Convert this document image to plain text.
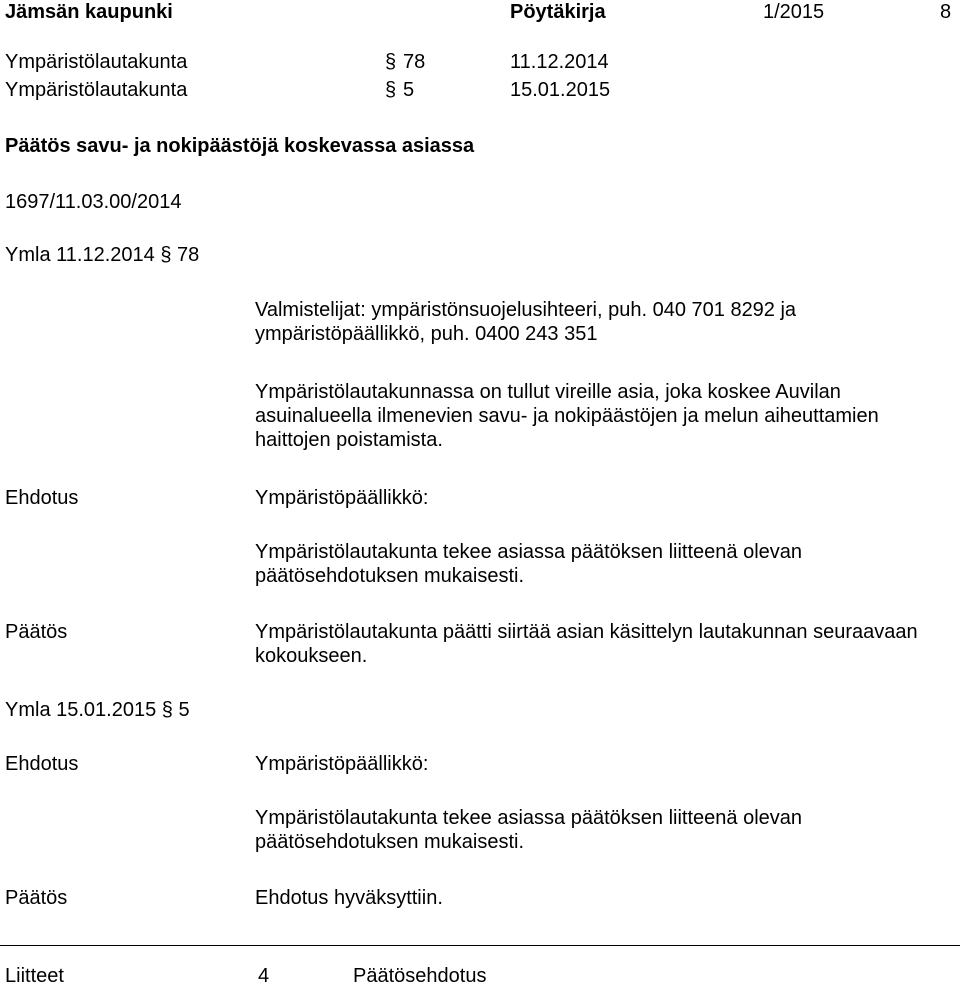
Jämsän kaupunki	Pöytäkirja	1/2015	8
Ympäristölautakunta	§ 78	11.12.2014
Ympäristölautakunta	§ 5	15.01.2015
Päätös savu- ja nokipäästöjä koskevassa asiassa
1697/11.03.00/2014
Ymla 11.12.2014 § 78
Valmistelijat: ympäristönsuojelusihteeri, puh. 040 701 8292 ja ympäristöpäällikkö, puh. 0400 243 351
Ympäristölautakunnassa on tullut vireille asia, joka koskee Auvilan asuinalueella ilmenevien savu- ja nokipäästöjen ja melun aiheuttamien haittojen poistamista.
Ehdotus	Ympäristöpäällikkö:
Ympäristölautakunta tekee asiassa päätöksen liitteenä olevan päätösehdotuksen mukaisesti.
Päätös	Ympäristölautakunta päätti siirtää asian käsittelyn lautakunnan seuraavaan kokoukseen.
Ymla 15.01.2015 § 5
Ehdotus	Ympäristöpäällikkö:
Ympäristölautakunta tekee asiassa päätöksen liitteenä olevan päätösehdotuksen mukaisesti.
Päätös	Ehdotus hyväksyttiin.
Liitteet	4	Päätösehdotus
